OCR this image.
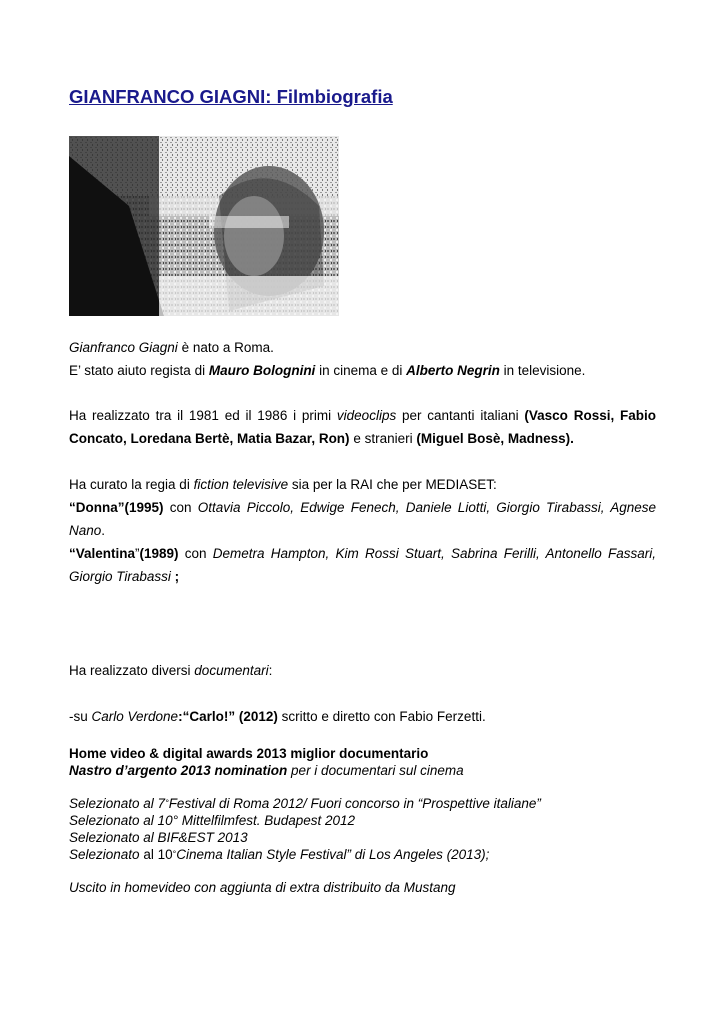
GIANFRANCO GIAGNI: Filmbiografia
Gianfranco Giagni è nato a Roma.
E’ stato aiuto regista di Mauro Bolognini in cinema e di Alberto Negrin in televisione.
Ha realizzato tra il 1981 ed il 1986 i primi videoclips per cantanti italiani (Vasco Rossi, Fabio
Concato, Loredana Bertè, Matia Bazar, Ron) e stranieri (Miguel Bosè, Madness).
Ha curato la regia di fiction televisive sia per la RAI che per MEDIASET:
“Donna”(1995) con Ottavia Piccolo, Edwige Fenech, Daniele Liotti, Giorgio Tirabassi, Agnese
Nano.
“Valentina”(1989) con Demetra Hampton, Kim Rossi Stuart, Sabrina Ferilli, Antonello Fassari,
Giorgio Tirabassi ;
Ha realizzato diversi documentari:
-su Carlo Verdone:“Carlo!” (2012) scritto e diretto con Fabio Ferzetti.
Home video & digital awards 2013 miglior documentario
Nastro d’argento 2013 nomination per i documentari sul cinema
Selezionato al 7°Festival di Roma 2012/ Fuori concorso in “Prospettive italiane”
Selezionato al 10° Mittelfilmfest. Budapest 2012
Selezionato al BIF&EST 2013
Selezionato al 10°Cinema Italian Style Festival” di Los Angeles (2013);
Uscito in homevideo con aggiunta di extra distribuito da Mustang
